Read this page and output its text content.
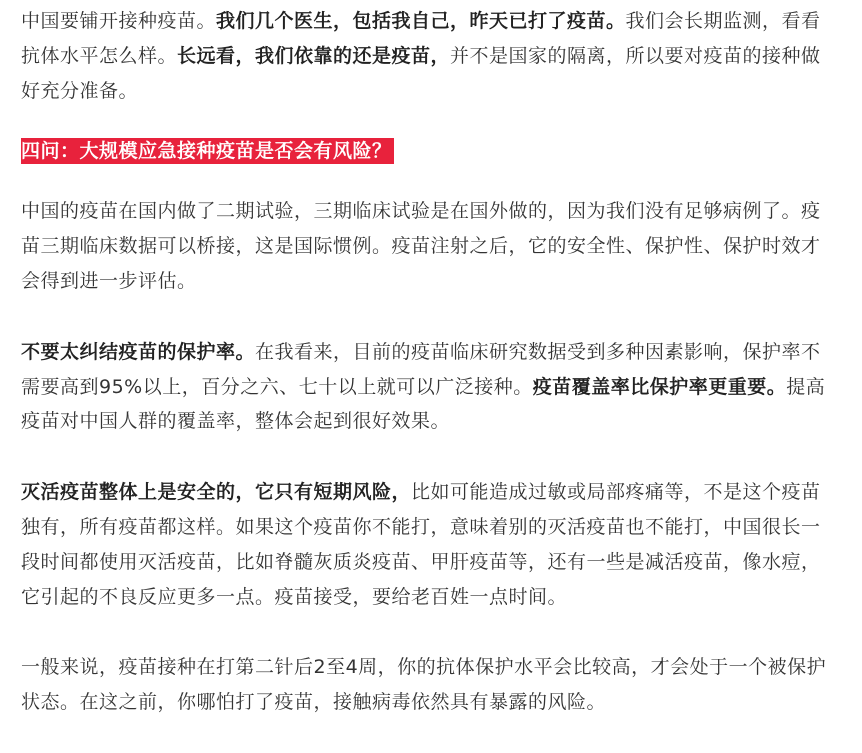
中国要铺开接种疫苗。我们几个医生，包括我自己，昨天已打了疫苗。我们会长期监测，看看抗体水平怎么样。长远看，我们依靠的还是疫苗，并不是国家的隔离，所以要对疫苗的接种做好充分准备。

四问：大规模应急接种疫苗是否会有风险？

中国的疫苗在国内做了二期试验，三期临床试验是在国外做的，因为我们没有足够病例了。疫苗三期临床数据可以桥接，这是国际惯例。疫苗注射之后，它的安全性、保护性、保护时效才会得到进一步评估。

不要太纠结疫苗的保护率。在我看来，目前的疫苗临床研究数据受到多种因素影响，保护率不需要高到95%以上，百分之六、七十以上就可以广泛接种。疫苗覆盖率比保护率更重要。提高疫苗对中国人群的覆盖率，整体会起到很好效果。

灭活疫苗整体上是安全的，它只有短期风险，比如可能造成过敏或局部疼痛等，不是这个疫苗独有，所有疫苗都这样。如果这个疫苗你不能打，意味着别的灭活疫苗也不能打，中国很长一段时间都使用灭活疫苗，比如脊髓灰质炎疫苗、甲肝疫苗等，还有一些是减活疫苗，像水痘，它引起的不良反应更多一点。疫苗接受，要给老百姓一点时间。

一般来说，疫苗接种在打第二针后2至4周，你的抗体保护水平会比较高，才会处于一个被保护状态。在这之前，你哪怕打了疫苗，接触病毒依然具有暴露的风险。
